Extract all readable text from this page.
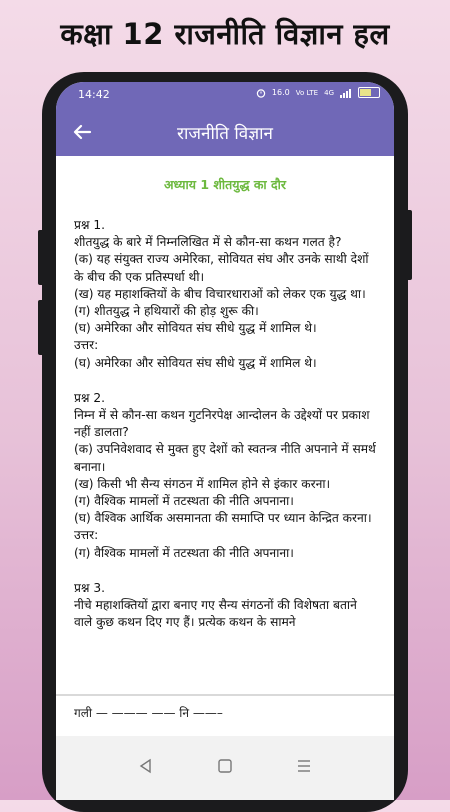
कक्षा 12 राजनीति विज्ञान हल
14:42	16.0 Vo LTE 4G
राजनीति विज्ञान
अध्याय 1 शीतयुद्ध का दौर
प्रश्न 1.
शीतयुद्ध के बारे में निम्नलिखित में से कौन-सा कथन गलत है?
(क) यह संयुक्त राज्य अमेरिका, सोवियत संघ और उनके साथी देशों के बीच की एक प्रतिस्पर्धा थी।
(ख) यह महाशक्तियों के बीच विचारधाराओं को लेकर एक युद्ध था।
(ग) शीतयुद्ध ने हथियारों की होड़ शुरू की।
(घ) अमेरिका और सोवियत संघ सीधे युद्ध में शामिल थे।
उत्तर:
(घ) अमेरिका और सोवियत संघ सीधे युद्ध में शामिल थे।
प्रश्न 2.
निम्न में से कौन-सा कथन गुटनिरपेक्ष आन्दोलन के उद्देश्यों पर प्रकाश नहीं डालता?
(क) उपनिवेशवाद से मुक्त हुए देशों को स्वतन्त्र नीति अपनाने में समर्थ बनाना।
(ख) किसी भी सैन्य संगठन में शामिल होने से इंकार करना।
(ग) वैश्विक मामलों में तटस्थता की नीति अपनाना।
(घ) वैश्विक आर्थिक असमानता की समाप्ति पर ध्यान केन्द्रित करना।
उत्तर:
(ग) वैश्विक मामलों में तटस्थता की नीति अपनाना।
प्रश्न 3.
नीचे महाशक्तियों द्वारा बनाए गए सैन्य संगठनों की विशेषता बताने वाले कुछ कथन दिए गए हैं। प्रत्येक कथन के सामने
गली — ——— —— नि ——–
